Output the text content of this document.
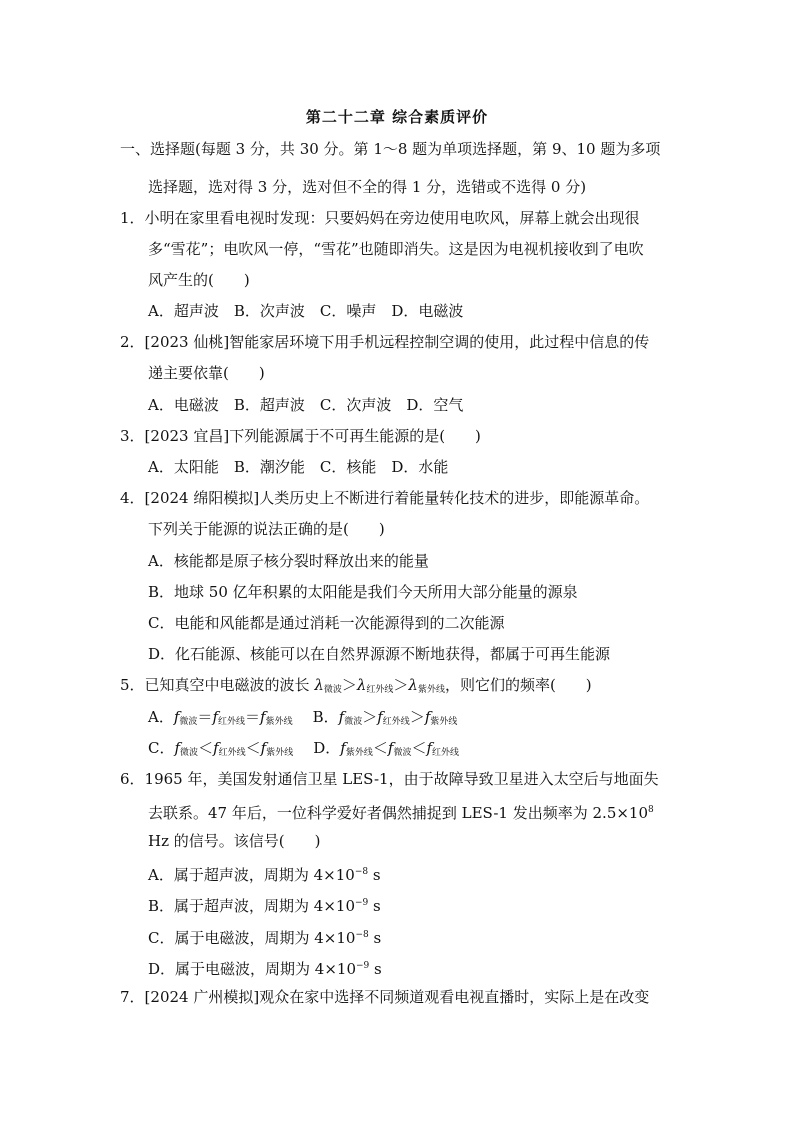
第二十二章 综合素质评价
一、选择题(每题 3 分，共 30 分。第 1～8 题为单项选择题，第 9、10 题为多项
选择题，选对得 3 分，选对但不全的得 1 分，选错或不选得 0 分)
1．小明在家里看电视时发现：只要妈妈在旁边使用电吹风，屏幕上就会出现很
多“雪花”；电吹风一停，“雪花”也随即消失。这是因为电视机接收到了电吹
风产生的(　　)
A．超声波　B．次声波　C．噪声　D．电磁波
2．[2023 仙桃]智能家居环境下用手机远程控制空调的使用，此过程中信息的传
递主要依靠(　　)
A．电磁波　B．超声波　C．次声波　D．空气
3．[2023 宜昌]下列能源属于不可再生能源的是(　　)
A．太阳能　B．潮汐能　C．核能　D．水能
4．[2024 绵阳模拟]人类历史上不断进行着能量转化技术的进步，即能源革命。
下列关于能源的说法正确的是(　　)
A．核能都是原子核分裂时释放出来的能量
B．地球 50 亿年积累的太阳能是我们今天所用大部分能量的源泉
C．电能和风能都是通过消耗一次能源得到的二次能源
D．化石能源、核能可以在自然界源源不断地获得，都属于可再生能源
5．已知真空中电磁波的波长 $\lambda_{微波}>\lambda_{红外线}>\lambda_{紫外线}$，则它们的频率(　　)
A．$f_{微波}=f_{红外线}=f_{紫外线}$ B．$f_{微波}>f_{红外线}>f_{紫外线}$
C．$f_{微波}<f_{红外线}<f_{紫外线}$ D．$f_{紫外线}<f_{微波}<f_{红外线}$
6．1965 年，美国发射通信卫星 LES-1，由于故障导致卫星进入太空后与地面失
去联系。47 年后，一位科学爱好者偶然捕捉到 LES-1 发出频率为 $2.5\times 10^8$
Hz 的信号。该信号(　　)
A．属于超声波，周期为 $4\times 10^{-8}$ s
B．属于超声波，周期为 $4\times 10^{-9}$ s
C．属于电磁波，周期为 $4\times 10^{-8}$ s
D．属于电磁波，周期为 $4\times 10^{-9}$ s
7．[2024 广州模拟]观众在家中选择不同频道观看电视直播时，实际上是在改变
